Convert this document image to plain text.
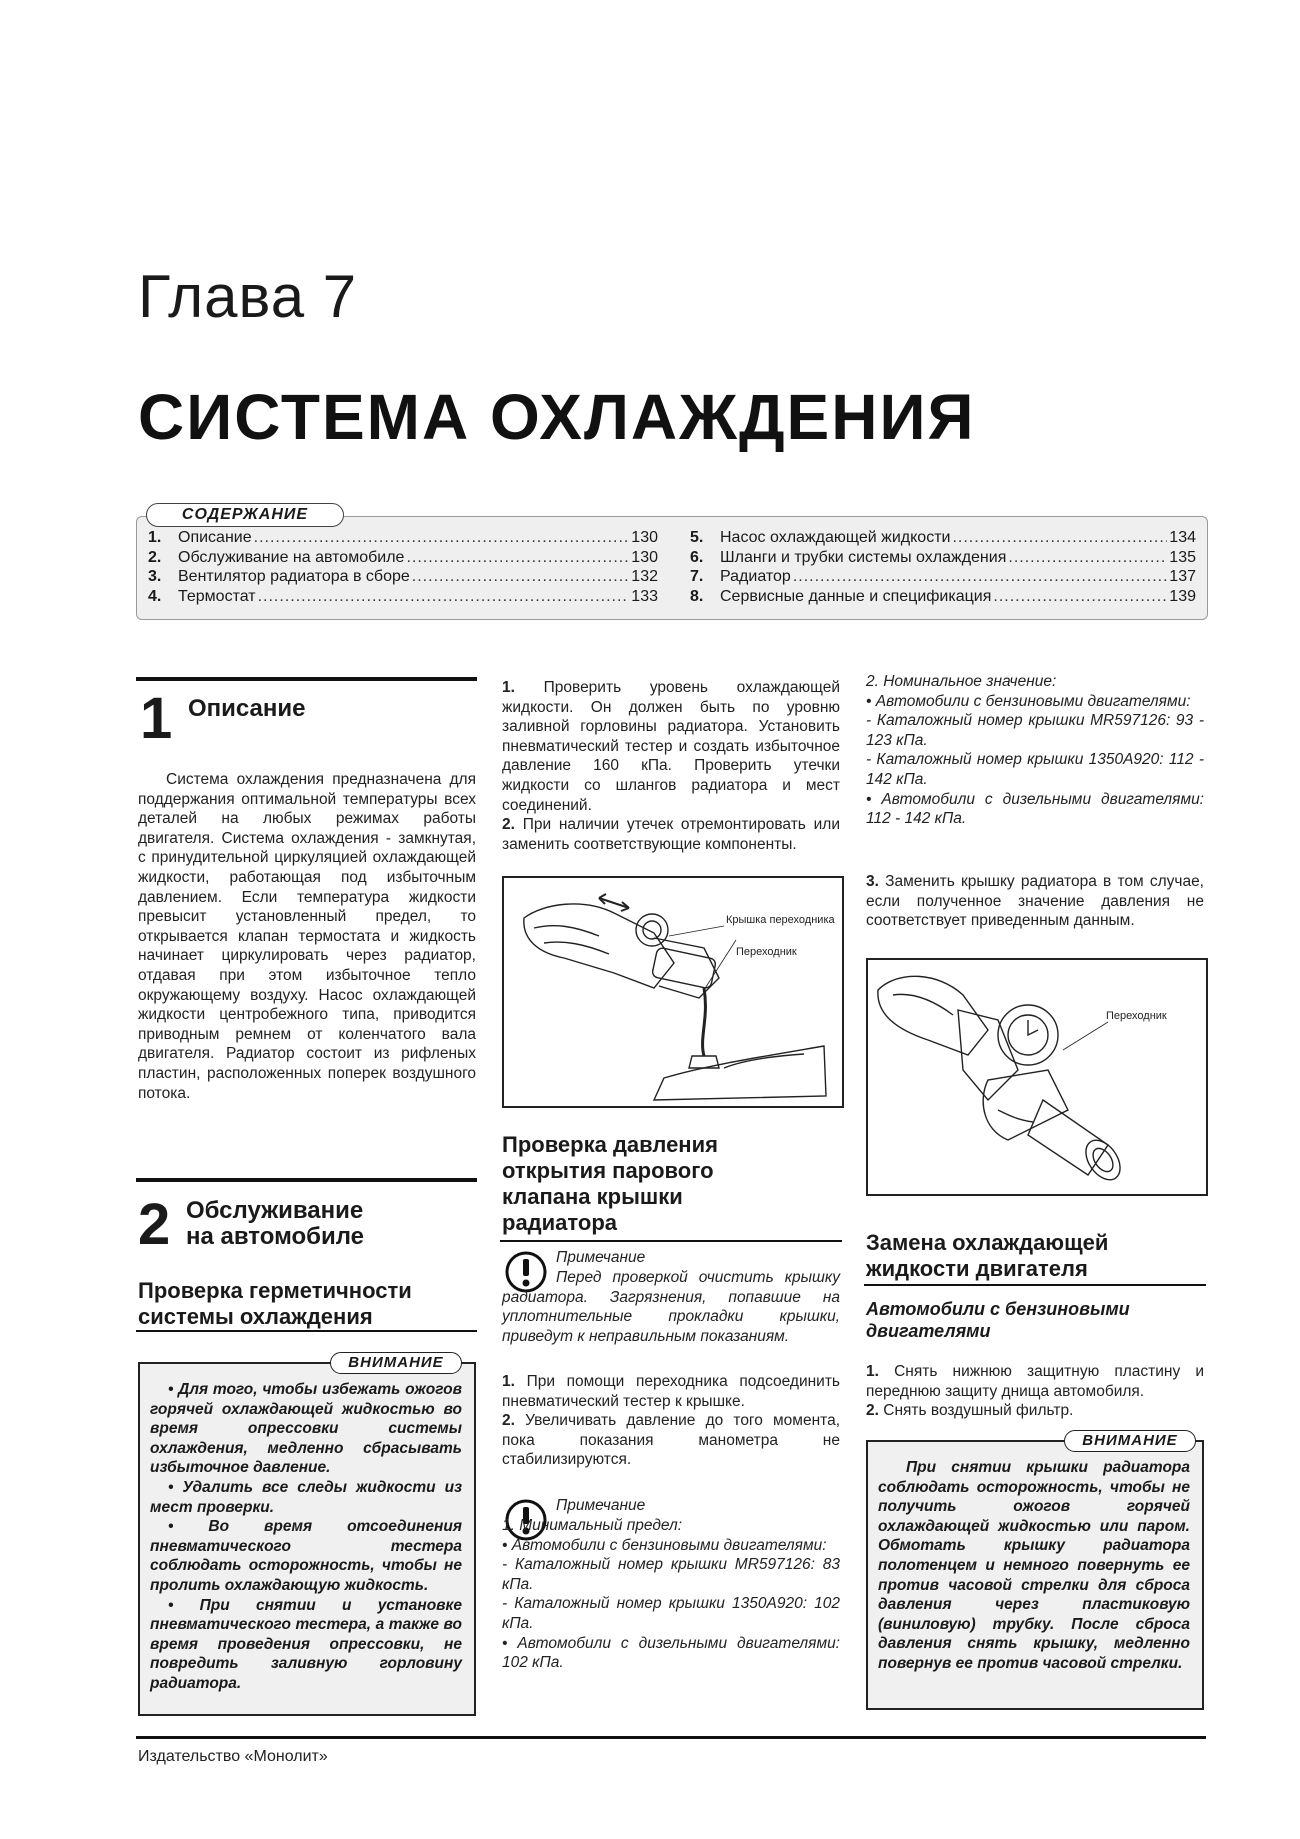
Глава 7
СИСТЕМА ОХЛАЖДЕНИЯ
СОДЕРЖАНИЕ
1.	Описание .....	130
2.	Обслуживание на автомобиле .....	130
3.	Вентилятор радиатора в сборе .....	132
4.	Термостат .....	133
5.	Насос охлаждающей жидкости .....	134
6.	Шланги и трубки системы охлаждения .....	135
7.	Радиатор .....	137
8.	Сервисные данные и спецификация .....	139
1 Описание

Система охлаждения предназначена для поддержания оптимальной температуры всех деталей на любых режимах работы двигателя. Система охлаждения - замкнутая, с принудительной циркуляцией охлаждающей жидкости, работающая под избыточным давлением. Если температура жидкости превысит установленный предел, то открывается клапан термостата и жидкость начинает циркулировать через радиатор, отдавая при этом избыточное тепло окружающему воздуху. Насос охлаждающей жидкости центробежного типа, приводится приводным ремнем от коленчатого вала двигателя. Радиатор состоит из рифленых пластин, расположенных поперек воздушного потока.

2 Обслуживание
на автомобиле
Проверка герметичности
системы охлаждения
ВНИМАНИЕ

• Для того, чтобы избежать ожогов горячей охлаждающей жидкостью во время опрессовки системы охлаждения, медленно сбрасывать избыточное давление.

• Удалить все следы жидкости из мест проверки.

• Во время отсоединения пневматического тестера соблюдать осторожность, чтобы не пролить охлаждающую жидкость.

• При снятии и установке пневматического тестера, а также во время проведения опрессовки, не повредить заливную горловину радиатора.

1. Проверить уровень охлаждающей жидкости. Он должен быть по уровню заливной горловины радиатора. Установить пневматический тестер и создать избыточное давление 160 кПа. Проверить утечки жидкости со шлангов радиатора и мест соединений.

2. При наличии утечек отремонтировать или заменить соответствующие компоненты.

Крышка переходника
Переходник
Проверка давления
открытия парового
клапана крышки
радиатора
Примечание
Перед проверкой очистить крышку радиатора. Загрязнения, попавшие на уплотнительные прокладки крышки, приведут к неправильным показаниям.

1. При помощи переходника подсоединить пневматический тестер к крышке.

2. Увеличивать давление до того момента, пока показания манометра не стабилизируются.

Примечание

1. Минимальный предел:

• Автомобили с бензиновыми двигателями:

- Каталожный номер крышки MR597126: 83 кПа.

- Каталожный номер крышки 1350A920: 102 кПа.

• Автомобили с дизельными двигателями: 102 кПа.

2. Номинальное значение:

• Автомобили с бензиновыми двигателями:

- Каталожный номер крышки MR597126: 93 - 123 кПа.

- Каталожный номер крышки 1350A920: 112 - 142 кПа.

• Автомобили с дизельными двигателями: 112 - 142 кПа.

3. Заменить крышку радиатора в том случае, если полученное значение давления не соответствует приведенным данным.

Переходник
Замена охлаждающей
жидкости двигателя
Автомобили с бензиновыми
двигателями

1. Снять нижнюю защитную пластину и переднюю защиту днища автомобиля.

2. Снять воздушный фильтр.

ВНИМАНИЕ
При снятии крышки радиатора соблюдать осторожность, чтобы не получить ожогов горячей охлаждающей жидкостью или паром. Обмотать крышку радиатора полотенцем и немного повернуть ее против часовой стрелки для сброса давления через пластиковую (виниловую) трубку. После сброса давления снять крышку, медленно повернув ее против часовой стрелки.
Издательство «Монолит»
